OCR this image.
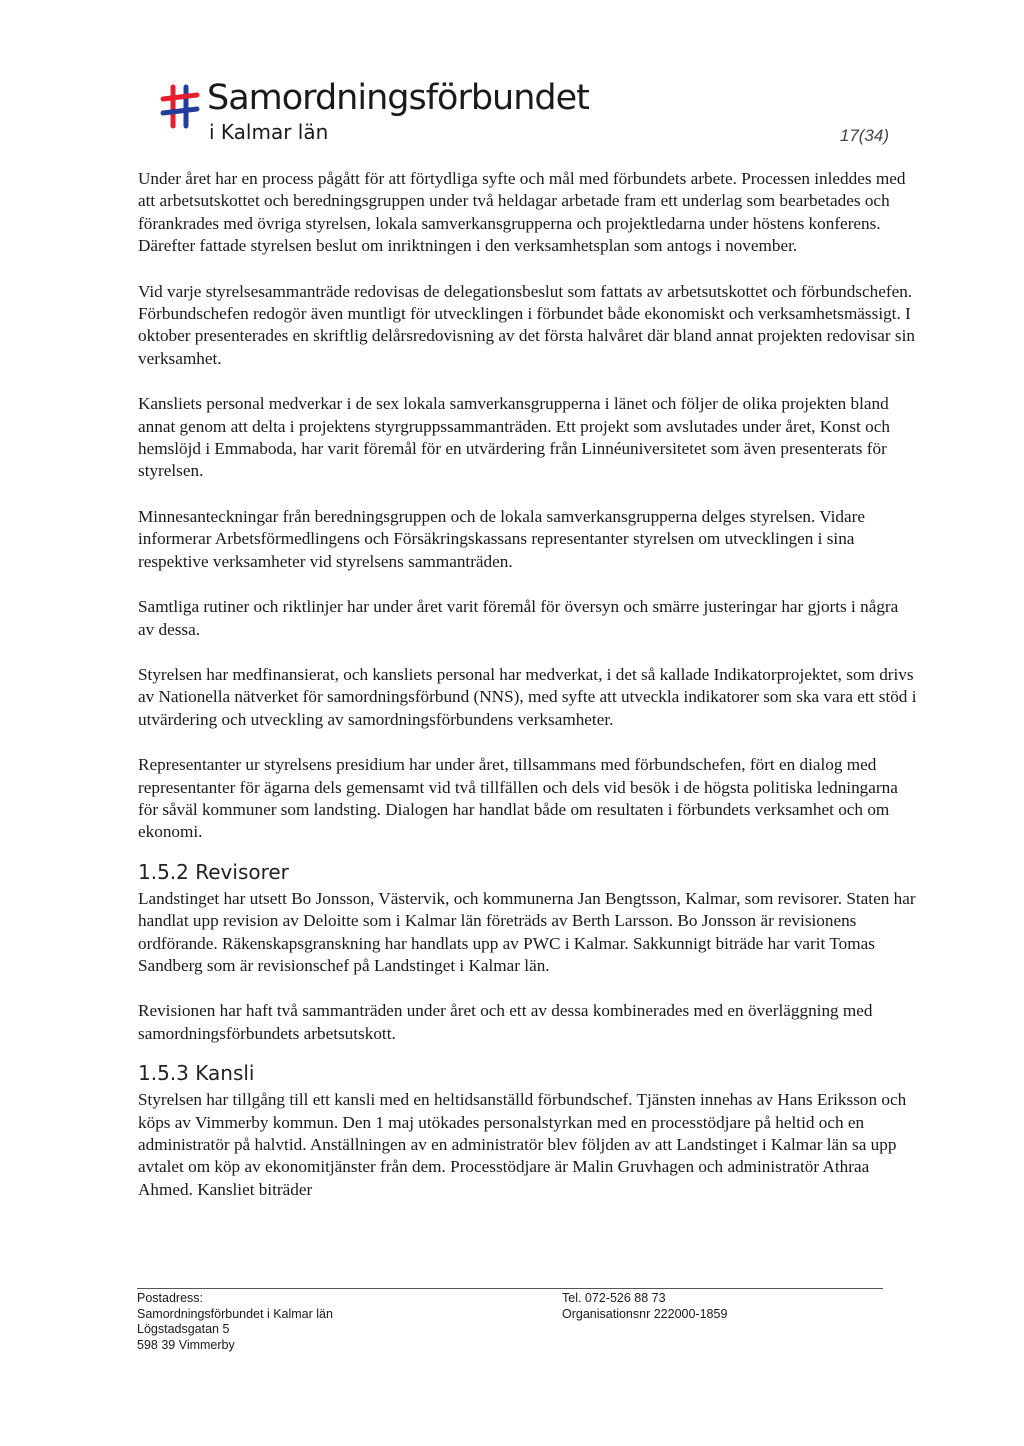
Samordningsförbundet
i Kalmar län	17(34)

Under året har en process pågått för att förtydliga syfte och mål med förbundets arbete. Processen inleddes med att arbetsutskottet och beredningsgruppen under två heldagar arbetade fram ett underlag som bearbetades och förankrades med övriga styrelsen, lokala samverkansgrupperna och projektledarna under höstens konferens. Därefter fattade styrelsen beslut om inriktningen i den verksamhetsplan som antogs i november.

Vid varje styrelsesammanträde redovisas de delegationsbeslut som fattats av arbetsutskottet och förbundschefen. Förbundschefen redogör även muntligt för utvecklingen i förbundet både ekonomiskt och verksamhetsmässigt. I oktober presenterades en skriftlig delårsredovisning av det första halvåret där bland annat projekten redovisar sin verksamhet.

Kansliets personal medverkar i de sex lokala samverkansgrupperna i länet och följer de olika projekten bland annat genom att delta i projektens styrgruppssammanträden. Ett projekt som avslutades under året, Konst och hemslöjd i Emmaboda, har varit föremål för en utvärdering från Linnéuniversitetet som även presenterats för styrelsen.

Minnesanteckningar från beredningsgruppen och de lokala samverkansgrupperna delges styrelsen. Vidare informerar Arbetsförmedlingens och Försäkringskassans representanter styrelsen om utvecklingen i sina respektive verksamheter vid styrelsens sammanträden.

Samtliga rutiner och riktlinjer har under året varit föremål för översyn och smärre justeringar har gjorts i några av dessa.

Styrelsen har medfinansierat, och kansliets personal har medverkat, i det så kallade Indikatorprojektet, som drivs av Nationella nätverket för samordningsförbund (NNS), med syfte att utveckla indikatorer som ska vara ett stöd i utvärdering och utveckling av samordningsförbundens verksamheter.

Representanter ur styrelsens presidium har under året, tillsammans med förbundschefen, fört en dialog med representanter för ägarna dels gemensamt vid två tillfällen och dels vid besök i de högsta politiska ledningarna för såväl kommuner som landsting. Dialogen har handlat både om resultaten i förbundets verksamhet och om ekonomi.

1.5.2 Revisorer

Landstinget har utsett Bo Jonsson, Västervik, och kommunerna Jan Bengtsson, Kalmar, som revisorer. Staten har handlat upp revision av Deloitte som i Kalmar län företräds av Berth Larsson. Bo Jonsson är revisionens ordförande. Räkenskapsgranskning har handlats upp av PWC i Kalmar. Sakkunnigt biträde har varit Tomas Sandberg som är revisionschef på Landstinget i Kalmar län.

Revisionen har haft två sammanträden under året och ett av dessa kombinerades med en överläggning med samordningsförbundets arbetsutskott.

1.5.3 Kansli

Styrelsen har tillgång till ett kansli med en heltidsanställd förbundschef. Tjänsten innehas av Hans Eriksson och köps av Vimmerby kommun. Den 1 maj utökades personalstyrkan med en processtödjare på heltid och en administratör på halvtid. Anställningen av en administratör blev följden av att Landstinget i Kalmar län sa upp avtalet om köp av ekonomitjänster från dem. Processtödjare är Malin Gruvhagen och administratör Athraa Ahmed. Kansliet biträder

Postadress:
Samordningsförbundet i Kalmar län
Lögstadsgatan 5
598 39 Vimmerby
Tel. 072-526 88 73
Organisationsnr 222000-1859
